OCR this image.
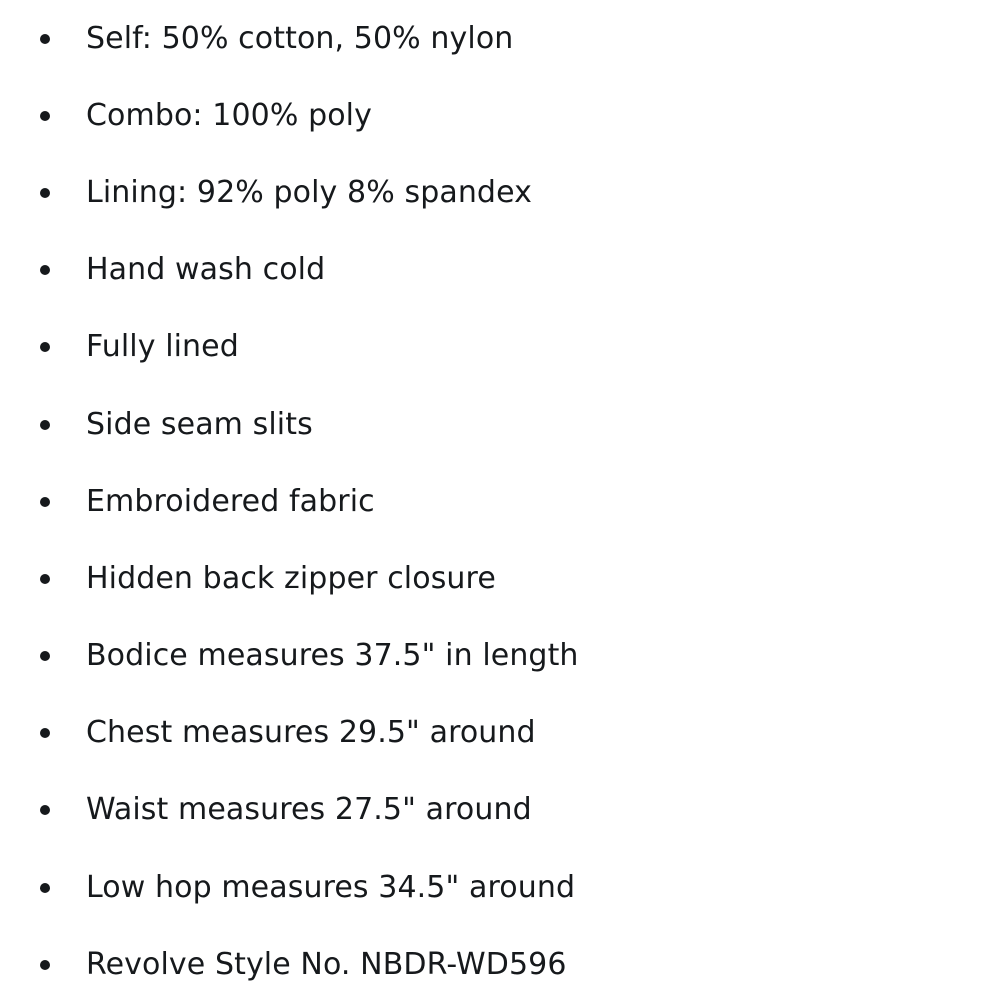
Self: 50% cotton, 50% nylon
Combo: 100% poly
Lining: 92% poly 8% spandex
Hand wash cold
Fully lined
Side seam slits
Embroidered fabric
Hidden back zipper closure
Bodice measures 37.5" in length
Chest measures 29.5" around
Waist measures 27.5" around
Low hop measures 34.5" around
Revolve Style No. NBDR-WD596
